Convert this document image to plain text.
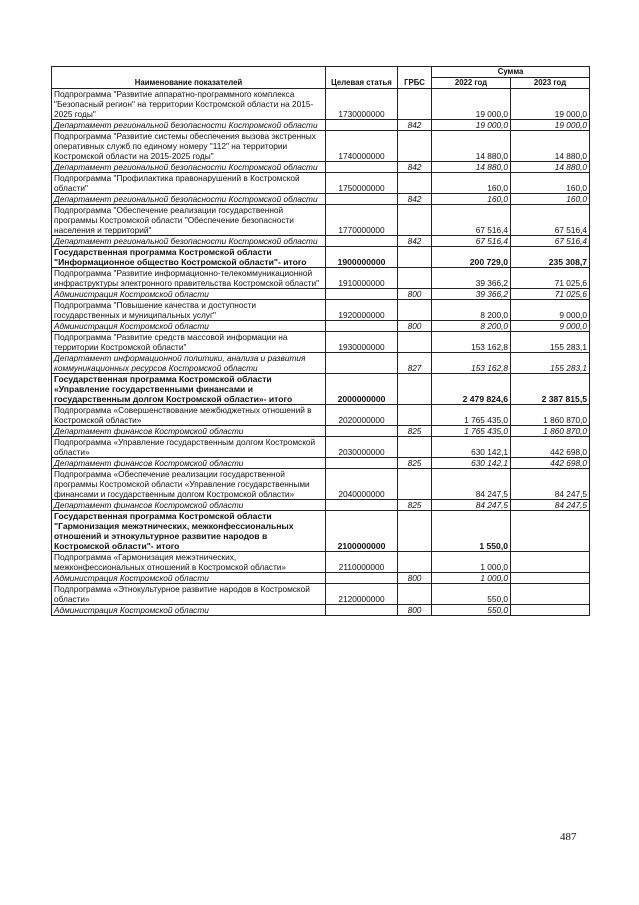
Наименование показателей	Целевая статья	ГРБС	Сумма	
			2022 год	2023 год
Подпрограмма "Развитие аппаратно-программного комплекса "Безопасный регион" на территории Костромской области на 2015-2025 годы"	1730000000		19 000,0	19 000,0
Департамент региональной безопасности Костромской области		842	19 000,0	19 000,0
Подпрограмма "Развитие системы обеспечения вызова экстренных оперативных служб по единому номеру "112" на территории Костромской области на 2015-2025 годы"	1740000000		14 880,0	14 880,0
Департамент региональной безопасности Костромской области		842	14 880,0	14 880,0
Подпрограмма "Профилактика правонарушений в Костромской области"	1750000000		160,0	160,0
Департамент региональной безопасности Костромской области		842	160,0	160,0
Подпрограмма "Обеспечение реализации государственной программы Костромской области "Обеспечение безопасности населения и территорий"	1770000000		67 516,4	67 516,4
Департамент региональной безопасности Костромской области		842	67 516,4	67 516,4
Государственная программа Костромской области "Информационное общество Костромской области"- итого	1900000000		200 729,0	235 308,7
Подпрограмма "Развитие информационно-телекоммуникационной инфраструктуры электронного правительства Костромской области"	1910000000		39 366,2	71 025,6
Администрация Костромской области		800	39 366,2	71 025,6
Подпрограмма "Повышение качества и доступности государственных и муниципальных услуг"	1920000000		8 200,0	9 000,0
Администрация Костромской области		800	8 200,0	9 000,0
Подпрограмма "Развитие средств массовой информации на территории Костромской области"	1930000000		153 162,8	155 283,1
Департамент информационной политики, анализа и развития коммуникационных ресурсов Костромской области		827	153 162,8	155 283,1
Государственная программа Костромской области «Управление государственными финансами и государственным долгом Костромской области»- итого	2000000000		2 479 824,6	2 387 815,5
Подпрограмма «Совершенствование межбюджетных отношений в Костромской области»	2020000000		1 765 435,0	1 860 870,0
Департамент финансов Костромской области		825	1 765 435,0	1 860 870,0
Подпрограмма «Управление государственным долгом Костромской области»	2030000000		630 142,1	442 698,0
Департамент финансов Костромской области		825	630 142,1	442 698,0
Подпрограмма «Обеспечение реализации государственной программы Костромской области «Управление государственными финансами и государственным долгом Костромской области»	2040000000		84 247,5	84 247,5
Департамент финансов Костромской области		825	84 247,5	84 247,5
Государственная программа Костромской области "Гармонизация межэтнических, межконфессиональных отношений и этнокультурное развитие народов в Костромской области"- итого	2100000000		1 550,0	
Подпрограмма «Гармонизация межэтнических, межконфессиональных отношений в Костромской области»	2110000000		1 000,0	
Администрация Костромской области		800	1 000,0	
Подпрограмма «Этнокультурное развитие народов в Костромской области»	2120000000		550,0	
Администрация Костромской области		800	550,0	
487
